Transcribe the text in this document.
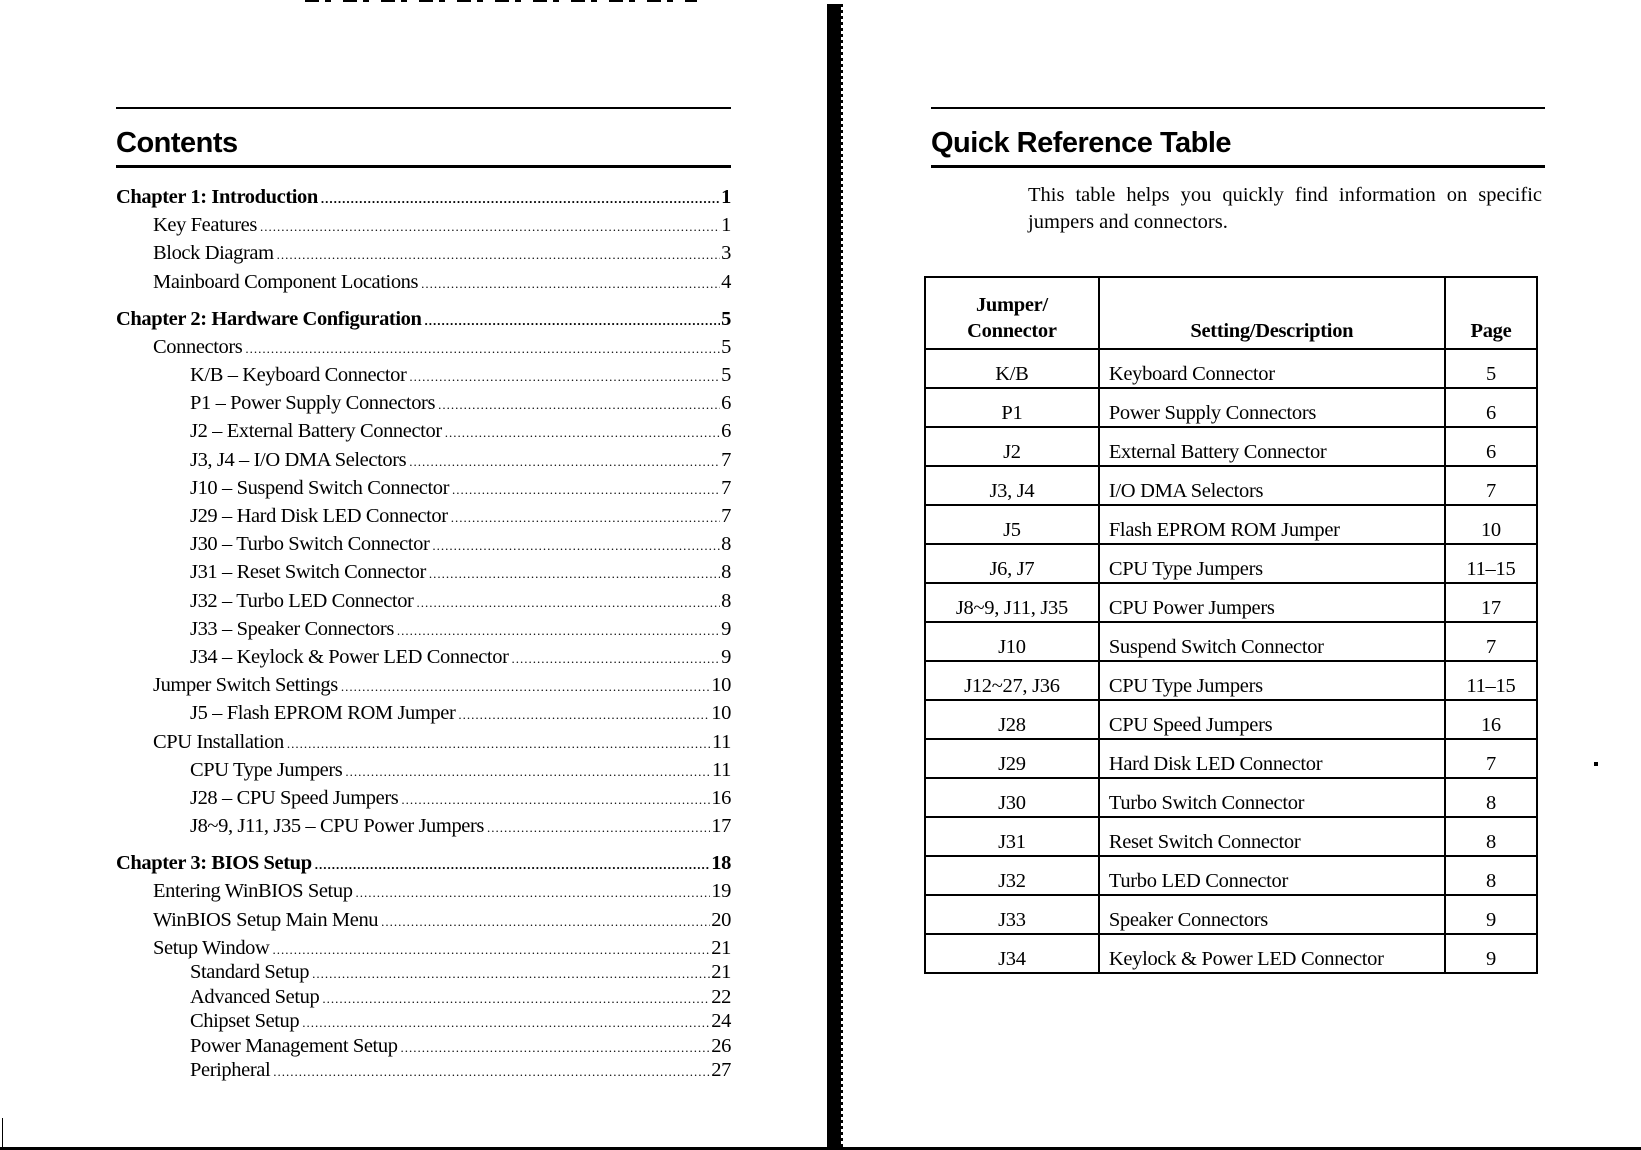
Contents
Chapter 1: Introduction .....	1
Key Features .....	1
Block Diagram .....	3
Mainboard Component Locations .....	4
Chapter 2: Hardware Configuration .....	5
Connectors .....	5
K/B – Keyboard Connector .....	5
P1 – Power Supply Connectors .....	6
J2 – External Battery Connector .....	6
J3, J4 – I/O DMA Selectors .....	7
J10 – Suspend Switch Connector .....	7
J29 – Hard Disk LED Connector .....	7
J30 – Turbo Switch Connector .....	8
J31 – Reset Switch Connector .....	8
J32 – Turbo LED Connector .....	8
J33 – Speaker Connectors .....	9
J34 – Keylock & Power LED Connector .....	9
Jumper Switch Settings .....	10
J5 – Flash EPROM ROM Jumper .....	10
CPU Installation .....	11
CPU Type Jumpers .....	11
J28 – CPU Speed Jumpers .....	16
J8~9, J11, J35 – CPU Power Jumpers .....	17
Chapter 3: BIOS Setup .....	18
Entering WinBIOS Setup .....	19
WinBIOS Setup Main Menu .....	20
Setup Window .....	21
Standard Setup .....	21
Advanced Setup .....	22
Chipset Setup .....	24
Power Management Setup .....	26
Peripheral .....	27
Quick Reference Table

This table helps you quickly find information on specific jumpers and connectors.

Jumper/
Connector	Setting/Description	Page
K/B	Keyboard Connector	5
P1	Power Supply Connectors	6
J2	External Battery Connector	6
J3, J4	I/O DMA Selectors	7
J5	Flash EPROM ROM Jumper	10
J6, J7	CPU Type Jumpers	11–15
J8~9, J11, J35	CPU Power Jumpers	17
J10	Suspend Switch Connector	7
J12~27, J36	CPU Type Jumpers	11–15
J28	CPU Speed Jumpers	16
J29	Hard Disk LED Connector	7
J30	Turbo Switch Connector	8
J31	Reset Switch Connector	8
J32	Turbo LED Connector	8
J33	Speaker Connectors	9
J34	Keylock & Power LED Connector	9
